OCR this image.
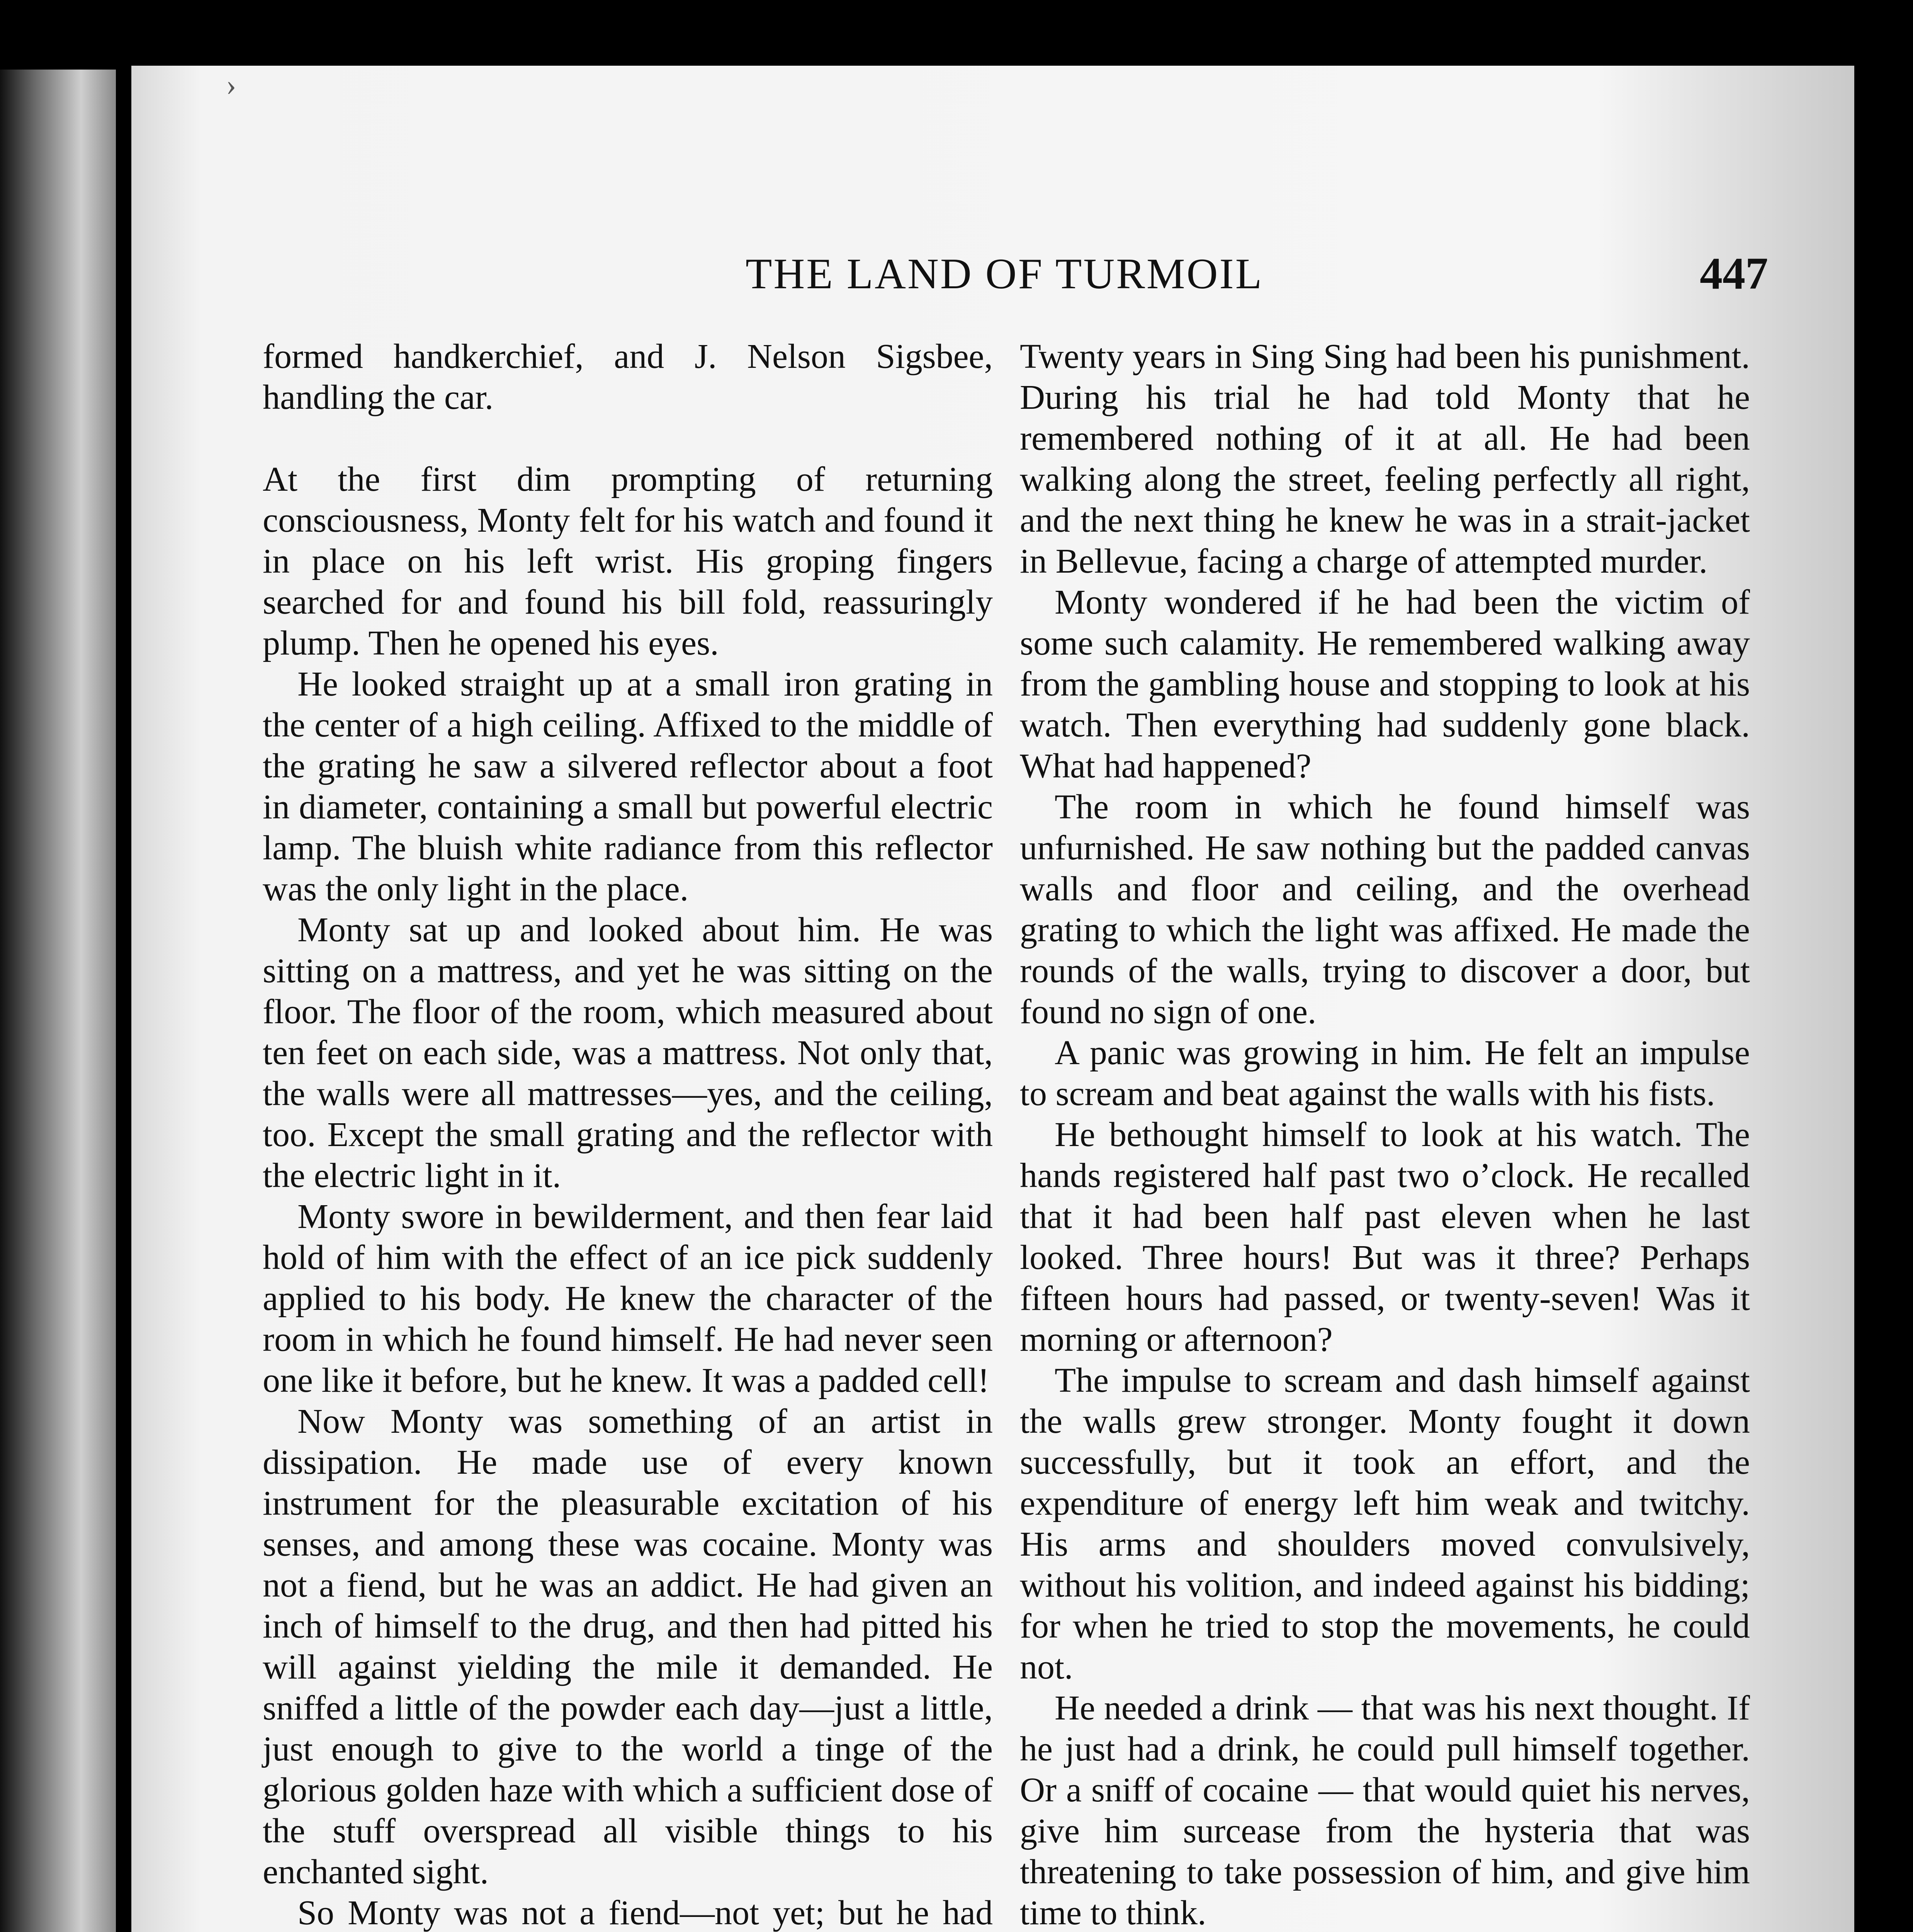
›
THE LAND OF TURMOIL	447

formed handkerchief, and J. Nelson Sigsbee, handling the car.

At the first dim prompting of returning consciousness, Monty felt for his watch and found it in place on his left wrist. His groping fingers searched for and found his bill fold, reassuringly plump. Then he opened his eyes.

He looked straight up at a small iron grating in the center of a high ceiling. Affixed to the middle of the grating he saw a silvered reflector about a foot in diameter, containing a small but powerful electric lamp. The bluish white radiance from this reflector was the only light in the place.

Monty sat up and looked about him. He was sitting on a mattress, and yet he was sitting on the floor. The floor of the room, which measured about ten feet on each side, was a mattress. Not only that, the walls were all mattresses—yes, and the ceiling, too. Except the small grating and the reflector with the electric light in it.

Monty swore in bewilderment, and then fear laid hold of him with the effect of an ice pick suddenly applied to his body. He knew the character of the room in which he found himself. He had never seen one like it before, but he knew. It was a padded cell!

Now Monty was something of an artist in dissipation. He made use of every known instrument for the pleasurable excitation of his senses, and among these was cocaine. Monty was not a fiend, but he was an addict. He had given an inch of himself to the drug, and then had pitted his will against yielding the mile it demanded. He sniffed a little of the powder each day—just a little, just enough to give to the world a tinge of the glorious golden haze with which a sufficient dose of the stuff overspread all visible things to his enchanted sight.

So Monty was not a fiend—not yet; but he had

Twenty years in Sing Sing had been his punishment. During his trial he had told Monty that he remembered nothing of it at all. He had been walking along the street, feeling perfectly all right, and the next thing he knew he was in a strait-jacket in Bellevue, facing a charge of attempted murder.

Monty wondered if he had been the victim of some such calamity. He remembered walking away from the gambling house and stopping to look at his watch. Then everything had suddenly gone black. What had happened?

The room in which he found himself was unfurnished. He saw nothing but the padded canvas walls and floor and ceiling, and the overhead grating to which the light was affixed. He made the rounds of the walls, trying to discover a door, but found no sign of one.

A panic was growing in him. He felt an impulse to scream and beat against the walls with his fists.

He bethought himself to look at his watch. The hands registered half past two o’clock. He recalled that it had been half past eleven when he last looked. Three hours! But was it three? Perhaps fifteen hours had passed, or twenty-seven! Was it morning or afternoon?

The impulse to scream and dash himself against the walls grew stronger. Monty fought it down successfully, but it took an effort, and the expenditure of energy left him weak and twitchy. His arms and shoulders moved convulsively, without his volition, and indeed against his bidding; for when he tried to stop the movements, he could not.

He needed a drink — that was his next thought. If he just had a drink, he could pull himself together. Or a sniff of cocaine — that would quiet his nerves, give him surcease from the hysteria that was threatening to take possession of him, and give him time to think.
